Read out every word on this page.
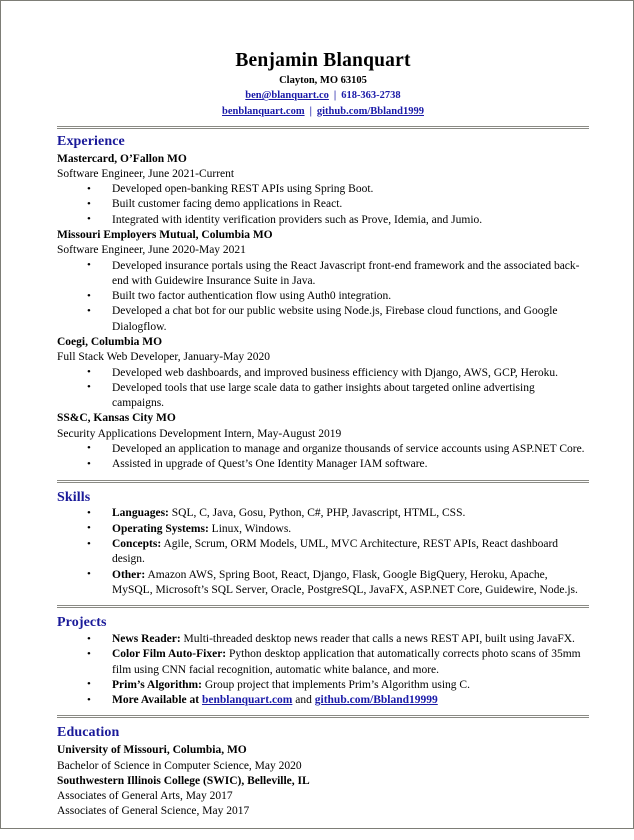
Benjamin Blanquart
Clayton, MO 63105
ben@blanquart.co | 618-363-2738
benblanquart.com | github.com/Bbland1999
Experience
Mastercard, O’Fallon MO
Software Engineer, June 2021-Current
• Developed open-banking REST APIs using Spring Boot.
• Built customer facing demo applications in React.
• Integrated with identity verification providers such as Prove, Idemia, and Jumio.
Missouri Employers Mutual, Columbia MO
Software Engineer, June 2020-May 2021
• Developed insurance portals using the React Javascript front-end framework and the associated back-end with Guidewire Insurance Suite in Java.
• Built two factor authentication flow using Auth0 integration.
• Developed a chat bot for our public website using Node.js, Firebase cloud functions, and Google Dialogflow.
Coegi, Columbia MO
Full Stack Web Developer, January-May 2020
• Developed web dashboards, and improved business efficiency with Django, AWS, GCP, Heroku.
• Developed tools that use large scale data to gather insights about targeted online advertising campaigns.
SS&C, Kansas City MO
Security Applications Development Intern, May-August 2019
• Developed an application to manage and organize thousands of service accounts using ASP.NET Core.
• Assisted in upgrade of Quest’s One Identity Manager IAM software.
Skills
• Languages: SQL, C, Java, Gosu, Python, C#, PHP, Javascript, HTML, CSS.
• Operating Systems: Linux, Windows.
• Concepts: Agile, Scrum, ORM Models, UML, MVC Architecture, REST APIs, React dashboard design.
• Other: Amazon AWS, Spring Boot, React, Django, Flask, Google BigQuery, Heroku, Apache, MySQL, Microsoft’s SQL Server, Oracle, PostgreSQL, JavaFX, ASP.NET Core, Guidewire, Node.js.
Projects
• News Reader: Multi-threaded desktop news reader that calls a news REST API, built using JavaFX.
• Color Film Auto-Fixer: Python desktop application that automatically corrects photo scans of 35mm film using CNN facial recognition, automatic white balance, and more.
• Prim’s Algorithm: Group project that implements Prim’s Algorithm using C.
• More Available at benblanquart.com and github.com/Bbland19999
Education
University of Missouri, Columbia, MO
Bachelor of Science in Computer Science, May 2020
Southwestern Illinois College (SWIC), Belleville, IL
Associates of General Arts, May 2017
Associates of General Science, May 2017
